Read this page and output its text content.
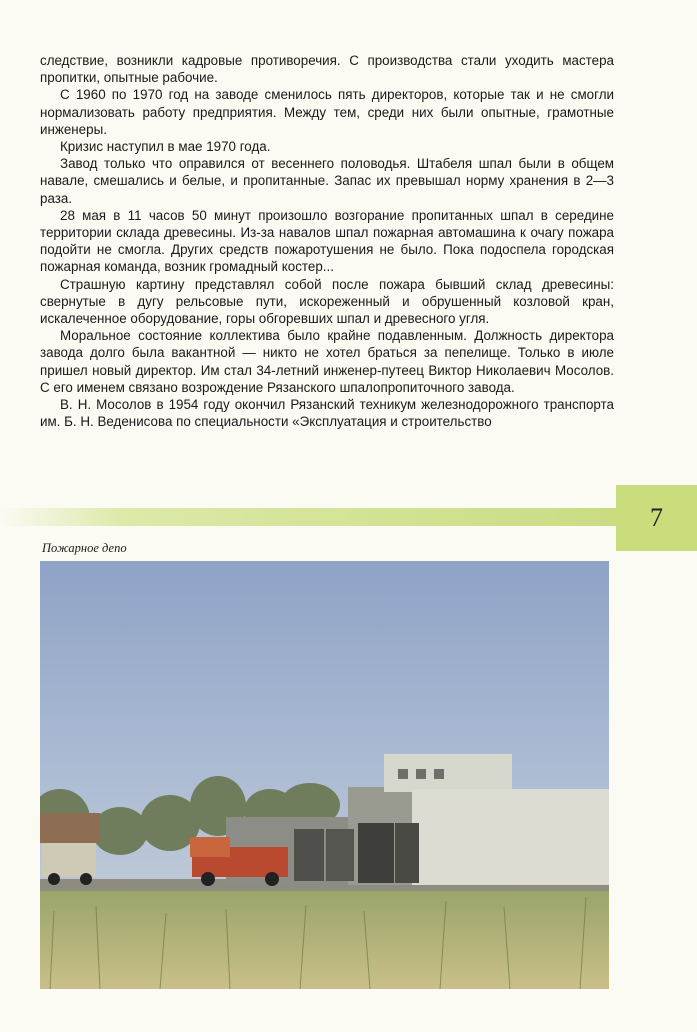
следствие, возникли кадровые противоречия. С производства стали уходить мастера пропитки, опытные рабочие.

С 1960 по 1970 год на заводе сменилось пять директоров, которые так и не смогли нормализовать работу предприятия. Между тем, среди них были опытные, грамотные инженеры.

Кризис наступил в мае 1970 года.

Завод только что оправился от весеннего половодья. Штабеля шпал были в общем навале, смешались и белые, и пропитанные. Запас их превышал норму хранения в 2—3 раза.

28 мая в 11 часов 50 минут произошло возгорание пропитанных шпал в середине территории склада древесины. Из-за навалов шпал пожарная автомашина к очагу пожара подойти не смогла. Других средств пожаротушения не было. Пока подоспела городская пожарная команда, возник громадный костер...

Страшную картину представлял собой после пожара бывший склад древесины: свернутые в дугу рельсовые пути, искореженный и обрушенный козловой кран, искалеченное оборудование, горы обгоревших шпал и древесного угля.

Моральное состояние коллектива было крайне подавленным. Должность директора завода долго была вакантной — никто не хотел браться за пепелище. Только в июле пришел новый директор. Им стал 34-летний инженер-путеец Виктор Николаевич Мосолов. С его именем связано возрождение Рязанского шпалопропиточного завода.

В. Н. Мосолов в 1954 году окончил Рязанский техникум железнодорожного транспорта им. Б. Н. Веденисова по специальности «Эксплуатация и строительство

7
Пожарное депо
